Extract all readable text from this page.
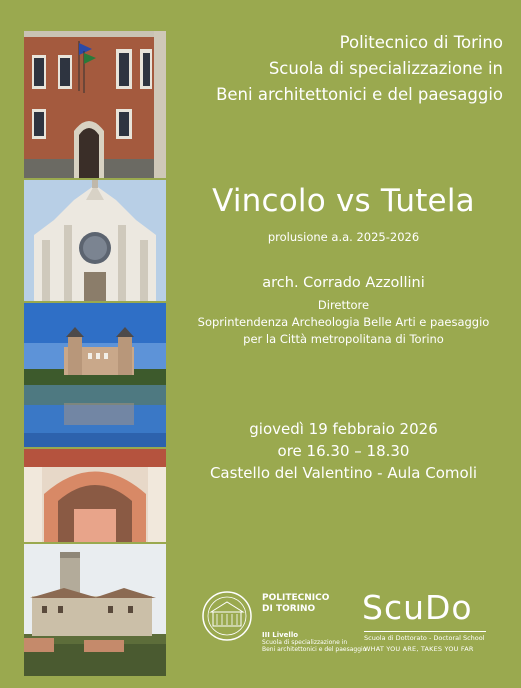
Politecnico di Torino
Scuola di specializzazione in
Beni architettonici e del paesaggio
Vincolo vs Tutela
prolusione a.a. 2025-2026
arch. Corrado Azzollini
Direttore
Soprintendenza Archeologia Belle Arti e paesaggio
per la Città metropolitana di Torino
giovedì 19 febbraio 2026
ore 16.30 – 18.30
Castello del Valentino - Aula Comoli
POLITECNICO
DI TORINO
III Livello
Scuola di specializzazione in
Beni architettonici e del paesaggio
ScuDo
Scuola di Dottorato - Doctoral School
WHAT YOU ARE, TAKES YOU FAR
